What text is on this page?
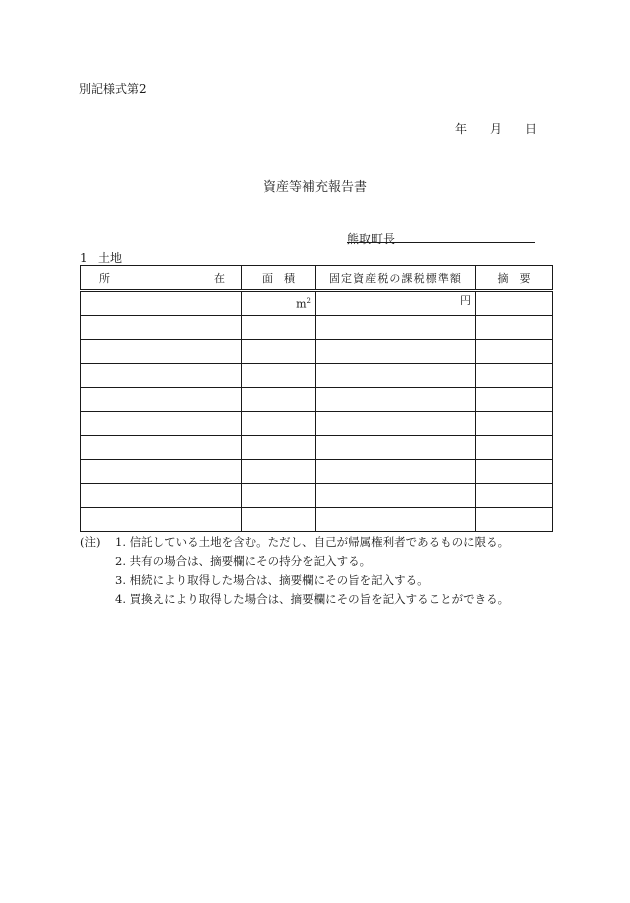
別記様式第2
年 月 日
資産等補充報告書
熊取町長
1 土地
所 在	面　積	固定資産税の課税標準額	摘　要
	$m^2$	円	

(注) 1. 信託している土地を含む。ただし、自己が帰属権利者であるものに限る。
2. 共有の場合は、摘要欄にその持分を記入する。
3. 相続により取得した場合は、摘要欄にその旨を記入する。
4. 買換えにより取得した場合は、摘要欄にその旨を記入することができる。
